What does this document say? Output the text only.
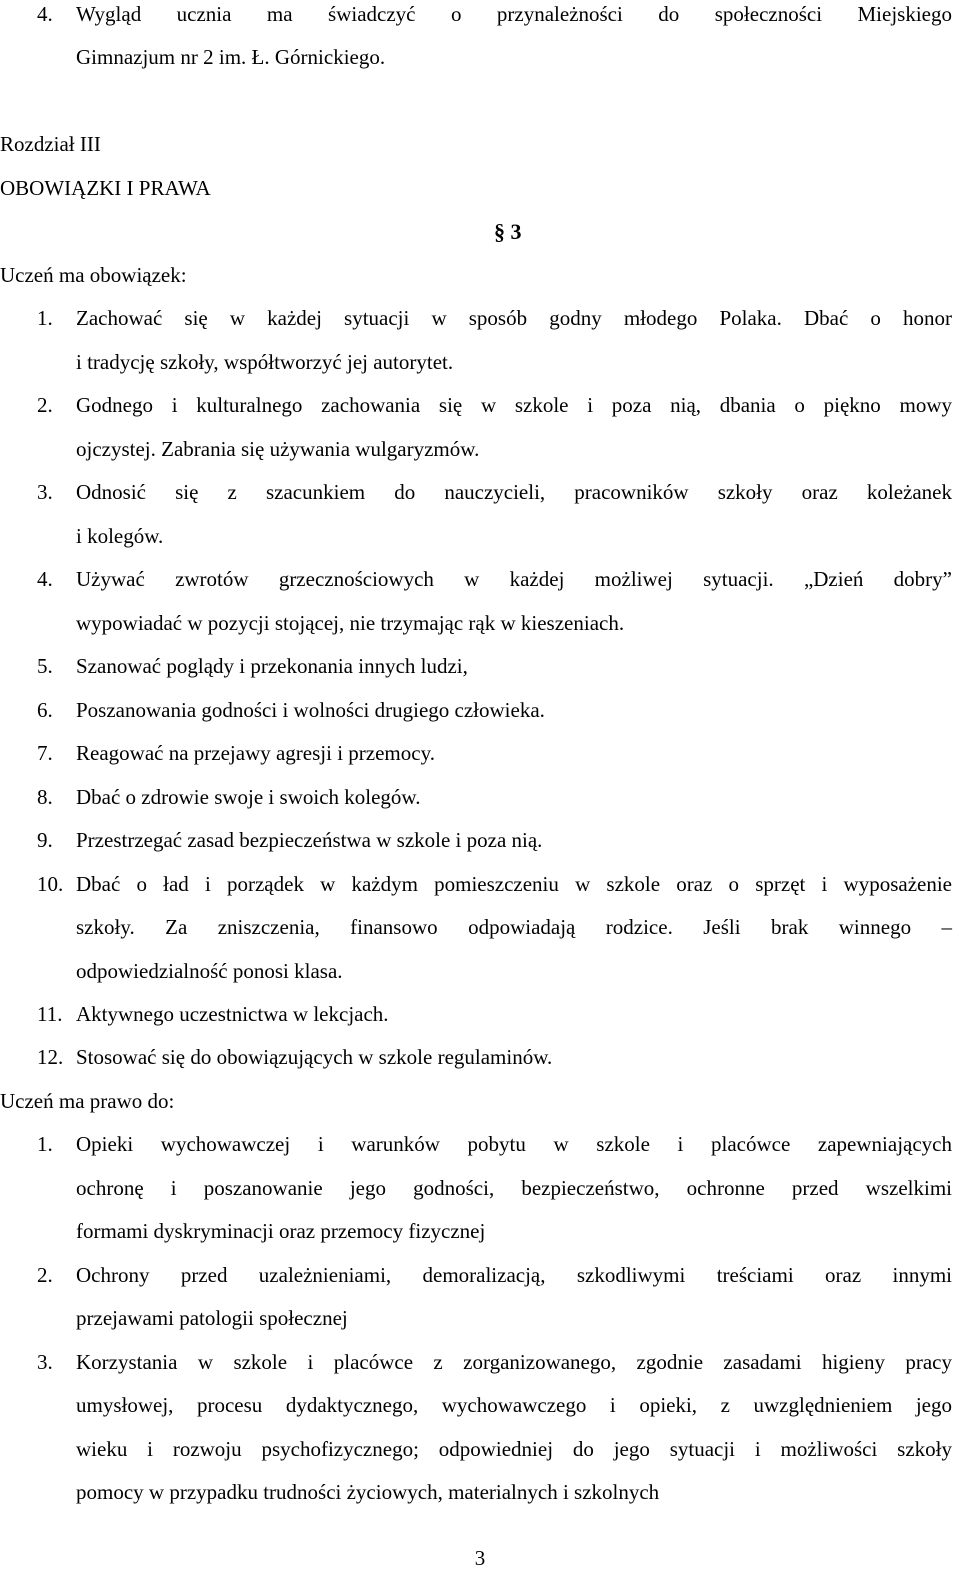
4. Wygląd ucznia ma świadczyć o przynależności do społeczności Miejskiego
Gimnazjum nr 2 im. Ł. Górnickiego.
Rozdział III
OBOWIĄZKI I PRAWA
§ 3
Uczeń ma obowiązek:
1. Zachować się w każdej sytuacji w sposób godny młodego Polaka. Dbać o honor
i tradycję szkoły, współtworzyć jej autorytet.
2. Godnego i kulturalnego zachowania się w szkole i poza nią, dbania o piękno mowy
ojczystej. Zabrania się używania wulgaryzmów.
3. Odnosić się z szacunkiem do nauczycieli, pracowników szkoły oraz koleżanek
i kolegów.
4. Używać zwrotów grzecznościowych w każdej możliwej sytuacji. „Dzień dobry”
wypowiadać w pozycji stojącej, nie trzymając rąk w kieszeniach.
5. Szanować poglądy i przekonania innych ludzi,
6. Poszanowania godności i wolności drugiego człowieka.
7. Reagować na przejawy agresji i przemocy.
8. Dbać o zdrowie swoje i swoich kolegów.
9. Przestrzegać zasad bezpieczeństwa w szkole i poza nią.
10. Dbać o ład i porządek w każdym pomieszczeniu w szkole oraz o sprzęt i wyposażenie
szkoły. Za zniszczenia, finansowo odpowiadają rodzice. Jeśli brak winnego –
odpowiedzialność ponosi klasa.
11. Aktywnego uczestnictwa w lekcjach.
12. Stosować się do obowiązujących w szkole regulaminów.
Uczeń ma prawo do:
1. Opieki wychowawczej i warunków pobytu w szkole i placówce zapewniających
ochronę i poszanowanie jego godności, bezpieczeństwo, ochronne przed wszelkimi
formami dyskryminacji oraz przemocy fizycznej
2. Ochrony przed uzależnieniami, demoralizacją, szkodliwymi treściami oraz innymi
przejawami patologii społecznej
3. Korzystania w szkole i placówce z zorganizowanego, zgodnie zasadami higieny pracy
umysłowej, procesu dydaktycznego, wychowawczego i opieki, z uwzględnieniem jego
wieku i rozwoju psychofizycznego; odpowiedniej do jego sytuacji i możliwości szkoły
pomocy w przypadku trudności życiowych, materialnych i szkolnych
3
